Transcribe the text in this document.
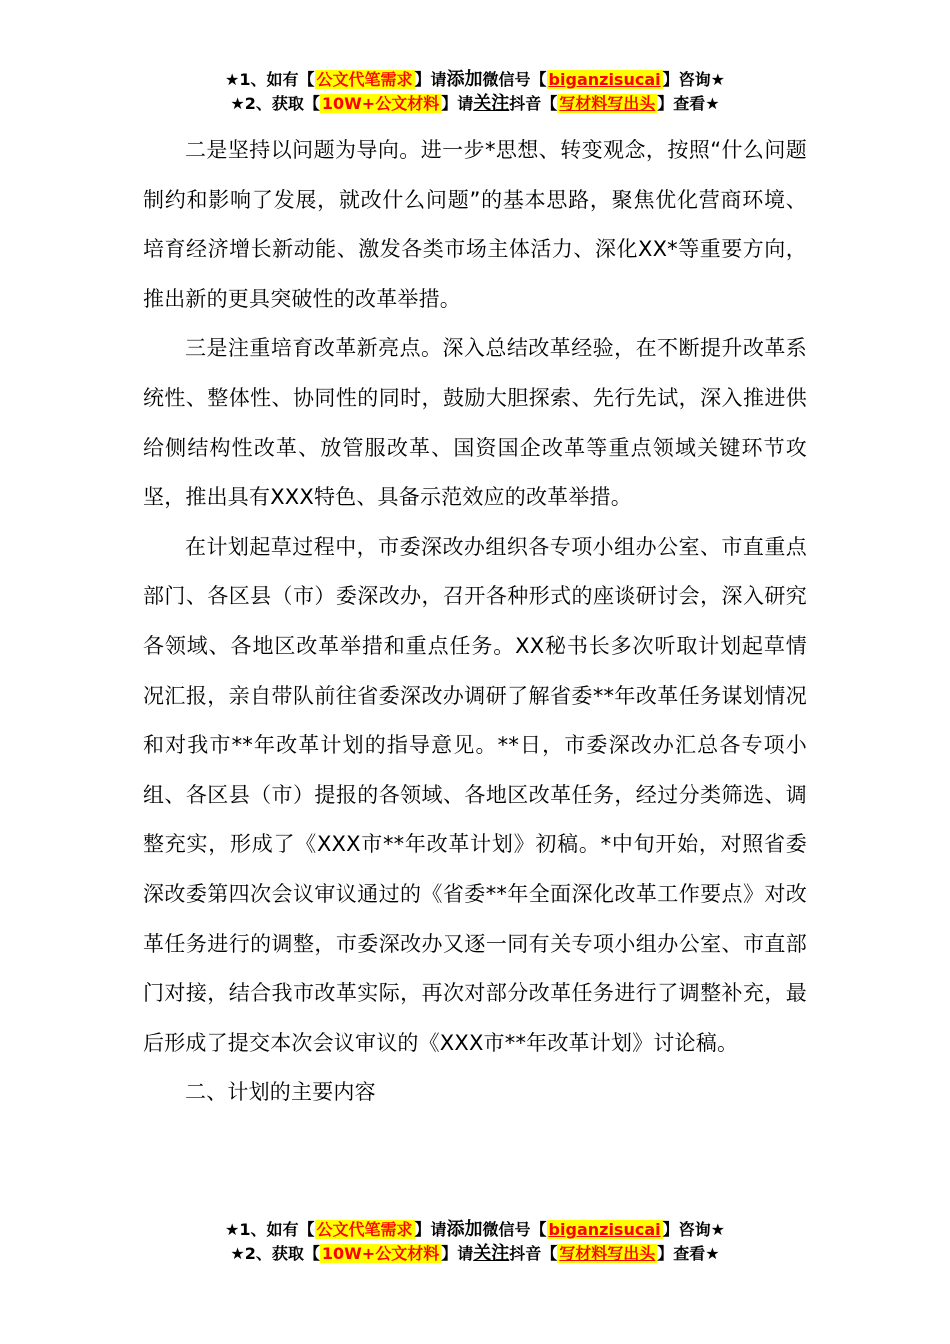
★1、如有【 公文代笔需求 】请添加微信号【 biganzisucai 】咨询★
★2、获取【 10W+公文材料 】请关注抖音【 写材料写出头 】查看★

二是坚持以问题为导向。进一步*思想、转变观念，按照“什么问题制约和影响了发展，就改什么问题”的基本思路，聚焦优化营商环境、培育经济增长新动能、激发各类市场主体活力、深化XX*等重要方向，推出新的更具突破性的改革举措。

三是注重培育改革新亮点。深入总结改革经验，在不断提升改革系统性、整体性、协同性的同时，鼓励大胆探索、先行先试，深入推进供给侧结构性改革、放管服改革、国资国企改革等重点领域关键环节攻坚，推出具有XXX特色、具备示范效应的改革举措。

在计划起草过程中，市委深改办组织各专项小组办公室、市直重点部门、各区县（市）委深改办，召开各种形式的座谈研讨会，深入研究各领域、各地区改革举措和重点任务。XX秘书长多次听取计划起草情况汇报，亲自带队前往省委深改办调研了解省委**年改革任务谋划情况和对我市**年改革计划的指导意见。**日，市委深改办汇总各专项小组、各区县（市）提报的各领域、各地区改革任务，经过分类筛选、调整充实，形成了《XXX市**年改革计划》初稿。*中旬开始，对照省委深改委第四次会议审议通过的《省委**年全面深化改革工作要点》对改革任务进行的调整，市委深改办又逐一同有关专项小组办公室、市直部门对接，结合我市改革实际，再次对部分改革任务进行了调整补充，最后形成了提交本次会议审议的《XXX市**年改革计划》讨论稿。

二、计划的主要内容

★1、如有【 公文代笔需求 】请添加微信号【 biganzisucai 】咨询★
★2、获取【 10W+公文材料 】请关注抖音【 写材料写出头 】查看★
